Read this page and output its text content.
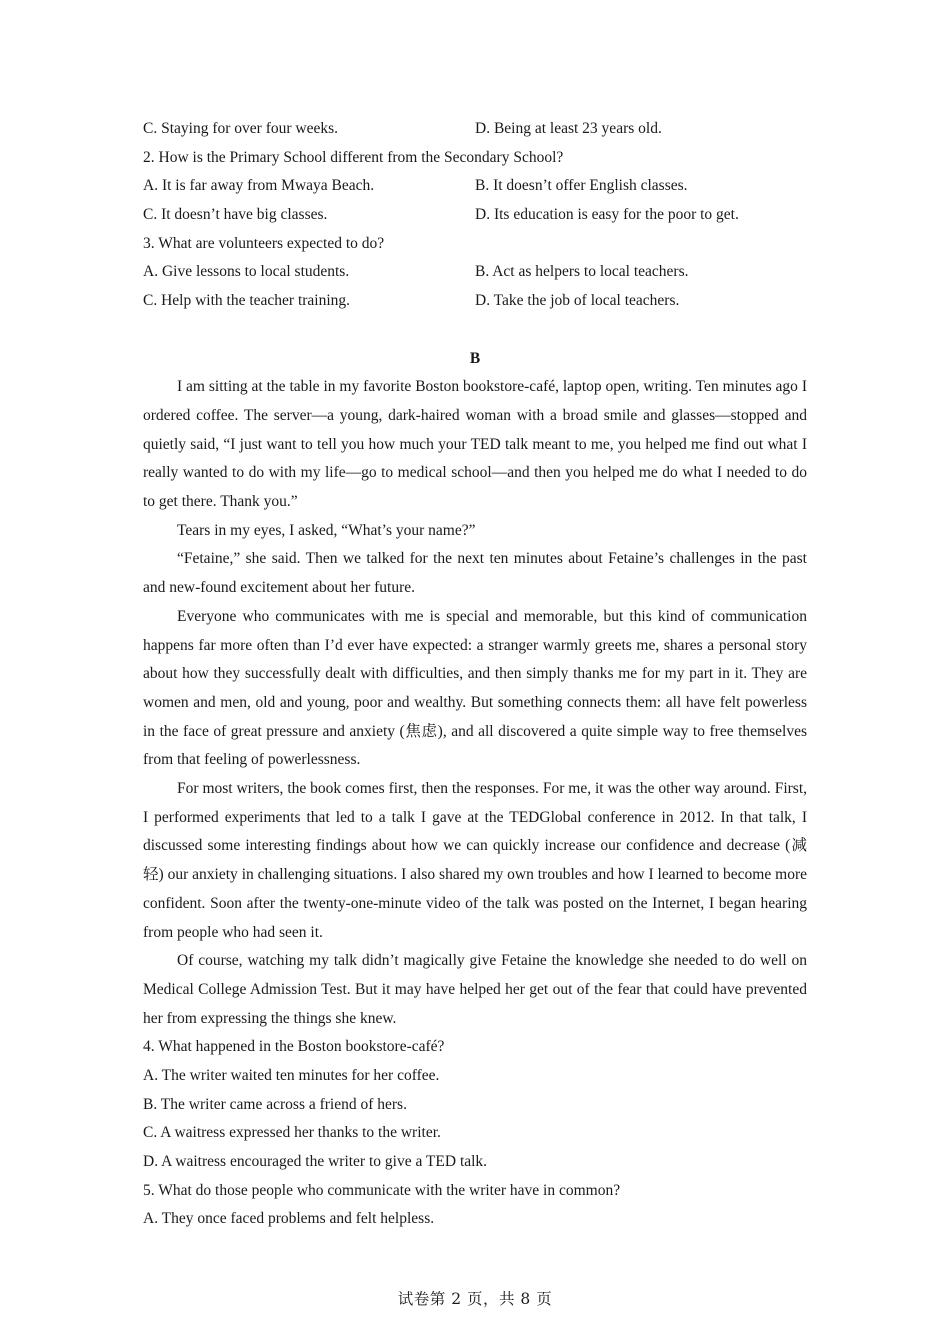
C. Staying for over four weeks.	D. Being at least 23 years old.
2. How is the Primary School different from the Secondary School?
A. It is far away from Mwaya Beach.	B. It doesn’t offer English classes.
C. It doesn’t have big classes.	D. Its education is easy for the poor to get.
3. What are volunteers expected to do?
A. Give lessons to local students.	B. Act as helpers to local teachers.
C. Help with the teacher training.	D. Take the job of local teachers.
B

I am sitting at the table in my favorite Boston bookstore-café, laptop open, writing. Ten minutes ago I ordered coffee. The server—a young, dark-haired woman with a broad smile and glasses—stopped and quietly said, “I just want to tell you how much your TED talk meant to me, you helped me find out what I really wanted to do with my life—go to medical school—and then you helped me do what I needed to do to get there. Thank you.”

Tears in my eyes, I asked, “What’s your name?”

“Fetaine,” she said. Then we talked for the next ten minutes about Fetaine’s challenges in the past and new-found excitement about her future.

Everyone who communicates with me is special and memorable, but this kind of communication happens far more often than I’d ever have expected: a stranger warmly greets me, shares a personal story about how they successfully dealt with difficulties, and then simply thanks me for my part in it. They are women and men, old and young, poor and wealthy. But something connects them: all have felt powerless in the face of great pressure and anxiety (焦虑), and all discovered a quite simple way to free themselves from that feeling of powerlessness.

For most writers, the book comes first, then the responses. For me, it was the other way around. First, I performed experiments that led to a talk I gave at the TEDGlobal conference in 2012. In that talk, I discussed some interesting findings about how we can quickly increase our confidence and decrease (减轻) our anxiety in challenging situations. I also shared my own troubles and how I learned to become more confident. Soon after the twenty-one-minute video of the talk was posted on the Internet, I began hearing from people who had seen it.

Of course, watching my talk didn’t magically give Fetaine the knowledge she needed to do well on Medical College Admission Test. But it may have helped her get out of the fear that could have prevented her from expressing the things she knew.

4. What happened in the Boston bookstore-café?
A. The writer waited ten minutes for her coffee.
B. The writer came across a friend of hers.
C. A waitress expressed her thanks to the writer.
D. A waitress encouraged the writer to give a TED talk.
5. What do those people who communicate with the writer have in common?
A. They once faced problems and felt helpless.
试卷第 2 页，共 8 页
